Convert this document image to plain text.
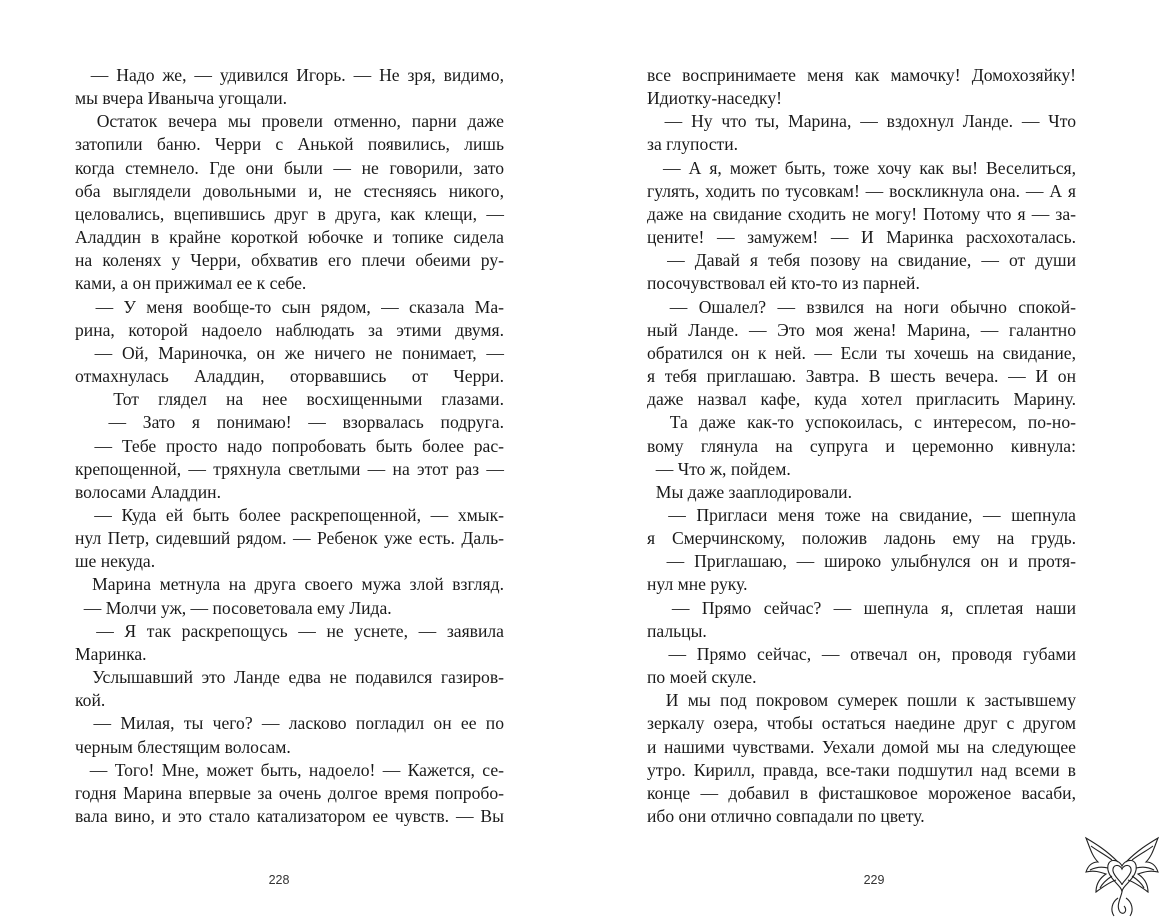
— Надо же, — удивился Игорь. — Не зря, видимо,
мы вчера Иваныча угощали.
Остаток вечера мы провели отменно, парни даже
затопили баню. Черри с Анькой появились, лишь
когда стемнело. Где они были — не говорили, зато
оба выглядели довольными и, не стесняясь никого,
целовались, вцепившись друг в друга, как клещи, —
Аладдин в крайне короткой юбочке и топике сидела
на коленях у Черри, обхватив его плечи обеими ру-
ками, а он прижимал ее к себе.
— У меня вообще-то сын рядом, — сказала Ма-
рина, которой надоело наблюдать за этими двумя.
— Ой, Мариночка, он же ничего не понимает, —
отмахнулась Аладдин, оторвавшись от Черри.
Тот глядел на нее восхищенными глазами.
— Зато я понимаю! — взорвалась подруга.
— Тебе просто надо попробовать быть более рас-
крепощенной, — тряхнула светлыми — на этот раз —
волосами Аладдин.
— Куда ей быть более раскрепощенной, — хмык-
нул Петр, сидевший рядом. — Ребенок уже есть. Даль-
ше некуда.
Марина метнула на друга своего мужа злой взгляд.
— Молчи уж, — посоветовала ему Лида.
— Я так раскрепощусь — не уснете, — заявила
Маринка.
Услышавший это Ланде едва не подавился газиров-
кой.
— Милая, ты чего? — ласково погладил он ее по
черным блестящим волосам.
— Того! Мне, может быть, надоело! — Кажется, се-
годня Марина впервые за очень долгое время попробо-
вала вино, и это стало катализатором ее чувств. — Вы
все воспринимаете меня как мамочку! Домохозяйку!
Идиотку-наседку!
— Ну что ты, Марина, — вздохнул Ланде. — Что
за глупости.
— А я, может быть, тоже хочу как вы! Веселиться,
гулять, ходить по тусовкам! — воскликнула она. — А я
даже на свидание сходить не могу! Потому что я — за-
цените! — замужем! — И Маринка расхохоталась.
— Давай я тебя позову на свидание, — от души
посочувствовал ей кто-то из парней.
— Ошалел? — взвился на ноги обычно спокой-
ный Ланде. — Это моя жена! Марина, — галантно
обратился он к ней. — Если ты хочешь на свидание,
я тебя приглашаю. Завтра. В шесть вечера. — И он
даже назвал кафе, куда хотел пригласить Марину.
Та даже как-то успокоилась, с интересом, по-но-
вому глянула на супруга и церемонно кивнула:
— Что ж, пойдем.
Мы даже зааплодировали.
— Пригласи меня тоже на свидание, — шепнула
я Смерчинскому, положив ладонь ему на грудь.
— Приглашаю, — широко улыбнулся он и протя-
нул мне руку.
— Прямо сейчас? — шепнула я, сплетая наши
пальцы.
— Прямо сейчас, — отвечал он, проводя губами
по моей скуле.
И мы под покровом сумерек пошли к застывшему
зеркалу озера, чтобы остаться наедине друг с другом
и нашими чувствами. Уехали домой мы на следующее
утро. Кирилл, правда, все-таки подшутил над всеми в
конце — добавил в фисташковое мороженое васаби,
ибо они отлично совпадали по цвету.
228	229
